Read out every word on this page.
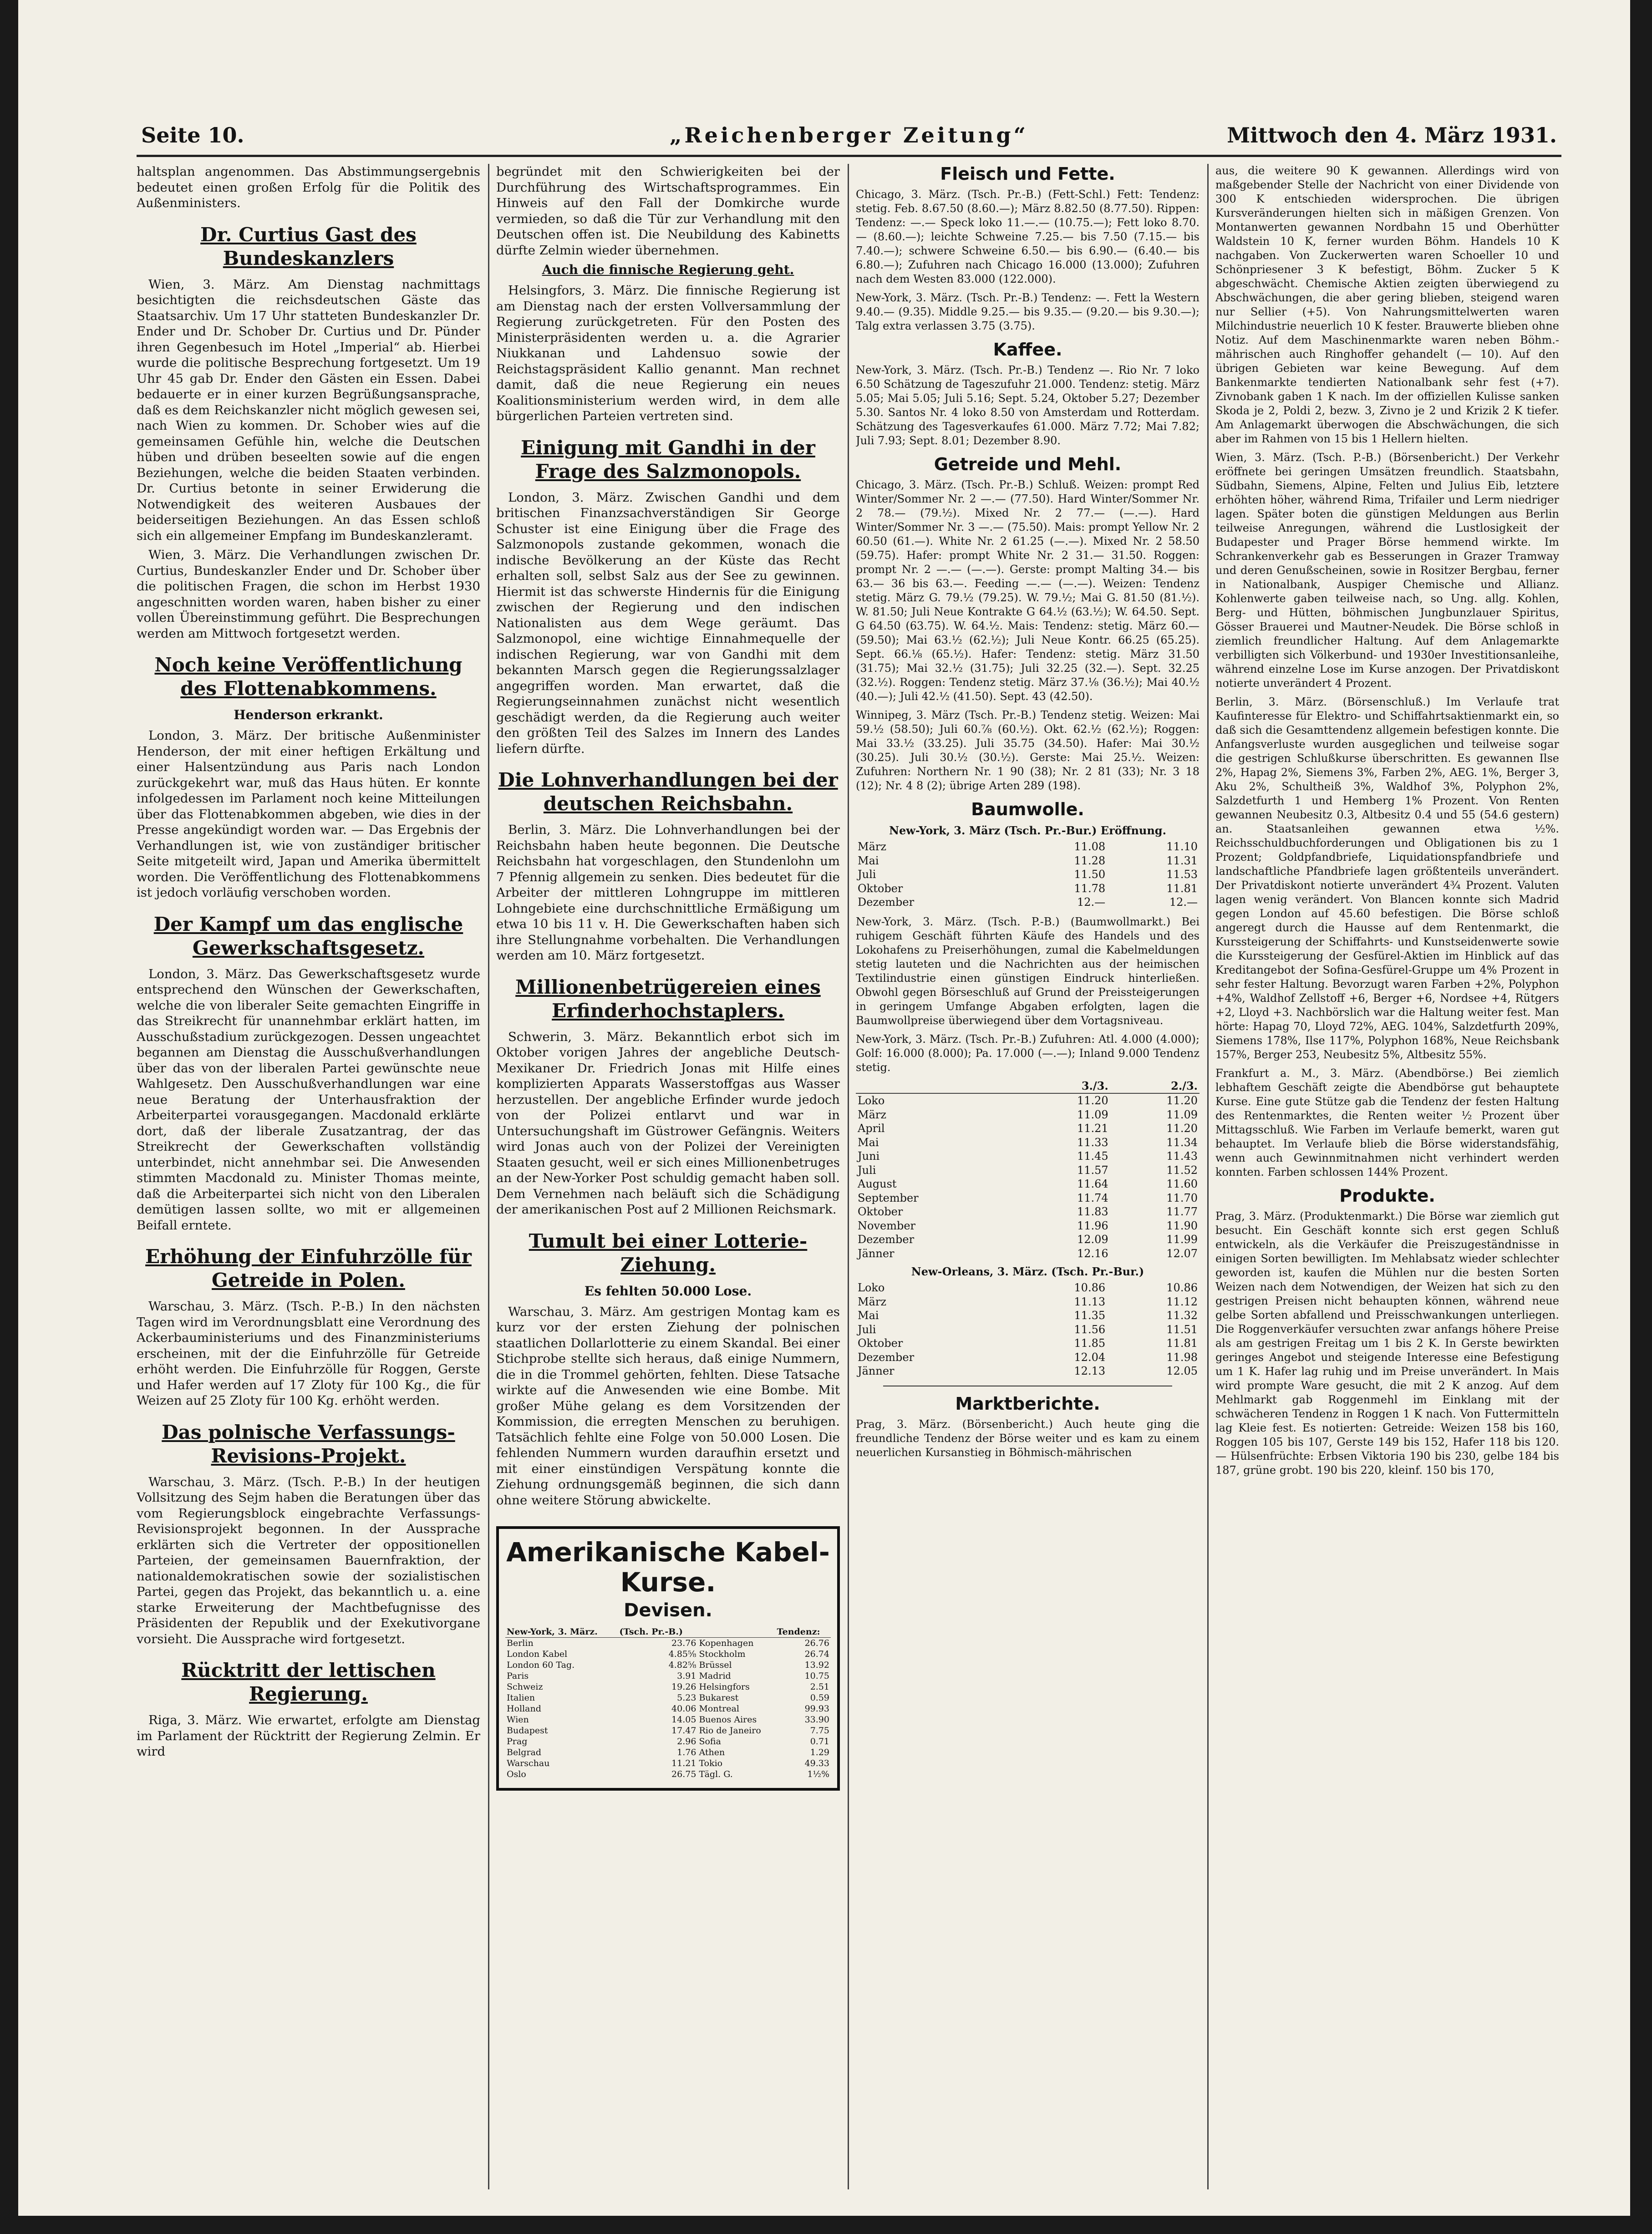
Seite 10.	„Reichenberger Zeitung“	Mittwoch den 4. März 1931.

haltsplan angenommen. Das Abstimmungsergebnis bedeutet einen großen Erfolg für die Politik des Außenministers.

Dr. Curtius Gast des Bundeskanzlers

Wien, 3. März. Am Dienstag nachmittags besichtigten die reichsdeutschen Gäste das Staatsarchiv. Um 17 Uhr statteten Bundeskanzler Dr. Ender und Dr. Schober Dr. Curtius und Dr. Pünder ihren Gegenbesuch im Hotel „Imperial“ ab. Hierbei wurde die politische Besprechung fortgesetzt. Um 19 Uhr 45 gab Dr. Ender den Gästen ein Essen. Dabei bedauerte er in einer kurzen Begrüßungsansprache, daß es dem Reichskanzler nicht möglich gewesen sei, nach Wien zu kommen. Dr. Schober wies auf die gemeinsamen Gefühle hin, welche die Deutschen hüben und drüben beseelten sowie auf die engen Beziehungen, welche die beiden Staaten verbinden. Dr. Curtius betonte in seiner Erwiderung die Notwendigkeit des weiteren Ausbaues der beiderseitigen Beziehungen. An das Essen schloß sich ein allgemeiner Empfang im Bundeskanzleramt.

Wien, 3. März. Die Verhandlungen zwischen Dr. Curtius, Bundeskanzler Ender und Dr. Schober über die politischen Fragen, die schon im Herbst 1930 angeschnitten worden waren, haben bisher zu einer vollen Übereinstimmung geführt. Die Besprechungen werden am Mittwoch fortgesetzt werden.

Noch keine Veröffentlichung des Flottenabkommens.
Henderson erkrankt.

London, 3. März. Der britische Außenminister Henderson, der mit einer heftigen Erkältung und einer Halsentzündung aus Paris nach London zurückgekehrt war, muß das Haus hüten. Er konnte infolgedessen im Parlament noch keine Mitteilungen über das Flottenabkommen abgeben, wie dies in der Presse angekündigt worden war. — Das Ergebnis der Verhandlungen ist, wie von zuständiger britischer Seite mitgeteilt wird, Japan und Amerika übermittelt worden. Die Veröffentlichung des Flottenabkommens ist jedoch vorläufig verschoben worden.

Der Kampf um das englische Gewerkschaftsgesetz.

London, 3. März. Das Gewerkschaftsgesetz wurde entsprechend den Wünschen der Gewerkschaften, welche die von liberaler Seite gemachten Eingriffe in das Streikrecht für unannehmbar erklärt hatten, im Ausschußstadium zurückgezogen. Dessen ungeachtet begannen am Dienstag die Ausschußverhandlungen über das von der liberalen Partei gewünschte neue Wahlgesetz. Den Ausschußverhandlungen war eine neue Beratung der Unterhausfraktion der Arbeiterpartei vorausgegangen. Macdonald erklärte dort, daß der liberale Zusatzantrag, der das Streikrecht der Gewerkschaften vollständig unterbindet, nicht annehmbar sei. Die Anwesenden stimmten Macdonald zu. Minister Thomas meinte, daß die Arbeiterpartei sich nicht von den Liberalen demütigen lassen sollte, wo mit er allgemeinen Beifall erntete.

Erhöhung der Einfuhrzölle für Getreide in Polen.

Warschau, 3. März. (Tsch. P.-B.) In den nächsten Tagen wird im Verordnungsblatt eine Verordnung des Ackerbauministeriums und des Finanzministeriums erscheinen, mit der die Einfuhrzölle für Getreide erhöht werden. Die Einfuhrzölle für Roggen, Gerste und Hafer werden auf 17 Zloty für 100 Kg., die für Weizen auf 25 Zloty für 100 Kg. erhöht werden.

Das polnische Verfassungs-Revisions-Projekt.

Warschau, 3. März. (Tsch. P.-B.) In der heutigen Vollsitzung des Sejm haben die Beratungen über das vom Regierungsblock eingebrachte Verfassungs-Revisionsprojekt begonnen. In der Aussprache erklärten sich die Vertreter der oppositionellen Parteien, der gemeinsamen Bauernfraktion, der nationaldemokratischen sowie der sozialistischen Partei, gegen das Projekt, das bekanntlich u. a. eine starke Erweiterung der Machtbefugnisse des Präsidenten der Republik und der Exekutivorgane vorsieht. Die Aussprache wird fortgesetzt.

Rücktritt der lettischen Regierung.

Riga, 3. März. Wie erwartet, erfolgte am Dienstag im Parlament der Rücktritt der Regierung Zelmin. Er wird

begründet mit den Schwierigkeiten bei der Durchführung des Wirtschaftsprogrammes. Ein Hinweis auf den Fall der Domkirche wurde vermieden, so daß die Tür zur Verhandlung mit den Deutschen offen ist. Die Neubildung des Kabinetts dürfte Zelmin wieder übernehmen.

Auch die finnische Regierung geht.

Helsingfors, 3. März. Die finnische Regierung ist am Dienstag nach der ersten Vollversammlung der Regierung zurückgetreten. Für den Posten des Ministerpräsidenten werden u. a. die Agrarier Niukkanan und Lahdensuo sowie der Reichstagspräsident Kallio genannt. Man rechnet damit, daß die neue Regierung ein neues Koalitionsministerium werden wird, in dem alle bürgerlichen Parteien vertreten sind.

Einigung mit Gandhi in der Frage des Salzmonopols.

London, 3. März. Zwischen Gandhi und dem britischen Finanzsachverständigen Sir George Schuster ist eine Einigung über die Frage des Salzmonopols zustande gekommen, wonach die indische Bevölkerung an der Küste das Recht erhalten soll, selbst Salz aus der See zu gewinnen. Hiermit ist das schwerste Hindernis für die Einigung zwischen der Regierung und den indischen Nationalisten aus dem Wege geräumt. Das Salzmonopol, eine wichtige Einnahmequelle der indischen Regierung, war von Gandhi mit dem bekannten Marsch gegen die Regierungssalzlager angegriffen worden. Man erwartet, daß die Regierungseinnahmen zunächst nicht wesentlich geschädigt werden, da die Regierung auch weiter den größten Teil des Salzes im Innern des Landes liefern dürfte.

Die Lohnverhandlungen bei der deutschen Reichsbahn.

Berlin, 3. März. Die Lohnverhandlungen bei der Reichsbahn haben heute begonnen. Die Deutsche Reichsbahn hat vorgeschlagen, den Stundenlohn um 7 Pfennig allgemein zu senken. Dies bedeutet für die Arbeiter der mittleren Lohngruppe im mittleren Lohngebiete eine durchschnittliche Ermäßigung um etwa 10 bis 11 v. H. Die Gewerkschaften haben sich ihre Stellungnahme vorbehalten. Die Verhandlungen werden am 10. März fortgesetzt.

Millionenbetrügereien eines Erfinderhochstaplers.

Schwerin, 3. März. Bekanntlich erbot sich im Oktober vorigen Jahres der angebliche Deutsch-Mexikaner Dr. Friedrich Jonas mit Hilfe eines komplizierten Apparats Wasserstoffgas aus Wasser herzustellen. Der angebliche Erfinder wurde jedoch von der Polizei entlarvt und war in Untersuchungshaft im Güstrower Gefängnis. Weiters wird Jonas auch von der Polizei der Vereinigten Staaten gesucht, weil er sich eines Millionenbetruges an der New-Yorker Post schuldig gemacht haben soll. Dem Vernehmen nach beläuft sich die Schädigung der amerikanischen Post auf 2 Millionen Reichsmark.

Tumult bei einer Lotterie-Ziehung.
Es fehlten 50.000 Lose.

Warschau, 3. März. Am gestrigen Montag kam es kurz vor der ersten Ziehung der polnischen staatlichen Dollarlotterie zu einem Skandal. Bei einer Stichprobe stellte sich heraus, daß einige Nummern, die in die Trommel gehörten, fehlten. Diese Tatsache wirkte auf die Anwesenden wie eine Bombe. Mit großer Mühe gelang es dem Vorsitzenden der Kommission, die erregten Menschen zu beruhigen. Tatsächlich fehlte eine Folge von 50.000 Losen. Die fehlenden Nummern wurden daraufhin ersetzt und mit einer einstündigen Verspätung konnte die Ziehung ordnungsgemäß beginnen, die sich dann ohne weitere Störung abwickelte.

Amerikanische Kabel-Kurse.
Devisen.
New-York, 3. März.	(Tsch. Pr.-B.)		Tendenz:
Berlin	23.76	Kopenhagen	26.76
London Kabel	4.85⅝	Stockholm	26.74
London 60 Tag.	4.82⅝	Brüssel	13.92
Paris	3.91	Madrid	10.75
Schweiz	19.26	Helsingfors	2.51
Italien	5.23	Bukarest	0.59
Holland	40.06	Montreal	99.93
Wien	14.05	Buenos Aires	33.90
Budapest	17.47	Rio de Janeiro	7.75
Prag	2.96	Sofia	0.71
Belgrad	1.76	Athen	1.29
Warschau	11.21	Tokio	49.33
Oslo	26.75	Tägl. G.	1½%
Fleisch und Fette.

Chicago, 3. März. (Tsch. Pr.-B.) (Fett-Schl.) Fett: Tendenz: stetig. Feb. 8.67.50 (8.60.—); März 8.82.50 (8.77.50). Rippen: Tendenz: —.— Speck loko 11.—.— (10.75.—); Fett loko 8.70.— (8.60.—); leichte Schweine 7.25.— bis 7.50 (7.15.— bis 7.40.—); schwere Schweine 6.50.— bis 6.90.— (6.40.— bis 6.80.—); Zufuhren nach Chicago 16.000 (13.000); Zufuhren nach dem Westen 83.000 (122.000).

New-York, 3. März. (Tsch. Pr.-B.) Tendenz: —. Fett la Western 9.40.— (9.35). Middle 9.25.— bis 9.35.— (9.20.— bis 9.30.—); Talg extra verlassen 3.75 (3.75).

Kaffee.

New-York, 3. März. (Tsch. Pr.-B.) Tendenz —. Rio Nr. 7 loko 6.50 Schätzung de Tageszufuhr 21.000. Tendenz: stetig. März 5.05; Mai 5.05; Juli 5.16; Sept. 5.24, Oktober 5.27; Dezember 5.30. Santos Nr. 4 loko 8.50 von Amsterdam und Rotterdam. Schätzung des Tagesverkaufes 61.000. März 7.72; Mai 7.82; Juli 7.93; Sept. 8.01; Dezember 8.90.

Getreide und Mehl.

Chicago, 3. März. (Tsch. Pr.-B.) Schluß. Weizen: prompt Red Winter/Sommer Nr. 2 —.— (77.50). Hard Winter/Sommer Nr. 2 78.— (79.½). Mixed Nr. 2 77.— (—.—). Hard Winter/Sommer Nr. 3 —.— (75.50). Mais: prompt Yellow Nr. 2 60.50 (61.—). White Nr. 2 61.25 (—.—). Mixed Nr. 2 58.50 (59.75). Hafer: prompt White Nr. 2 31.— 31.50. Roggen: prompt Nr. 2 —.— (—.—). Gerste: prompt Malting 34.— bis 63.— 36 bis 63.—. Feeding —.— (—.—). Weizen: Tendenz stetig. März G. 79.½ (79.25). W. 79.½; Mai G. 81.50 (81.½). W. 81.50; Juli Neue Kontrakte G 64.½ (63.½); W. 64.50. Sept. G 64.50 (63.75). W. 64.½. Mais: Tendenz: stetig. März 60.— (59.50); Mai 63.½ (62.½); Juli Neue Kontr. 66.25 (65.25). Sept. 66.⅛ (65.½). Hafer: Tendenz: stetig. März 31.50 (31.75); Mai 32.½ (31.75); Juli 32.25 (32.—). Sept. 32.25 (32.½). Roggen: Tendenz stetig. März 37.⅛ (36.½); Mai 40.½ (40.—); Juli 42.½ (41.50). Sept. 43 (42.50).

Winnipeg, 3. März (Tsch. Pr.-B.) Tendenz stetig. Weizen: Mai 59.½ (58.50); Juli 60.⅞ (60.½). Okt. 62.½ (62.½); Roggen: Mai 33.½ (33.25). Juli 35.75 (34.50). Hafer: Mai 30.½ (30.25). Juli 30.½ (30.½). Gerste: Mai 25.½. Weizen: Zufuhren: Northern Nr. 1 90 (38); Nr. 2 81 (33); Nr. 3 18 (12); Nr. 4 8 (2); übrige Arten 289 (198).

Baumwolle.
New-York, 3. März (Tsch. Pr.-Bur.) Eröffnung.
März	11.08	11.10
Mai	11.28	11.31
Juli	11.50	11.53
Oktober	11.78	11.81
Dezember	12.—	12.—

New-York, 3. März. (Tsch. P.-B.) (Baumwollmarkt.) Bei ruhigem Geschäft führten Käufe des Handels und des Lokohafens zu Preiserhöhungen, zumal die Kabelmeldungen stetig lauteten und die Nachrichten aus der heimischen Textilindustrie einen günstigen Eindruck hinterließen. Obwohl gegen Börseschluß auf Grund der Preissteigerungen in geringem Umfange Abgaben erfolgten, lagen die Baumwollpreise überwiegend über dem Vortagsniveau.

New-York, 3. März. (Tsch. Pr.-B.) Zufuhren: Atl. 4.000 (4.000); Golf: 16.000 (8.000); Pa. 17.000 (—.—); Inland 9.000 Tendenz stetig.

	3./3.	2./3.
Loko	11.20	11.20
März	11.09	11.09
April	11.21	11.20
Mai	11.33	11.34
Juni	11.45	11.43
Juli	11.57	11.52
August	11.64	11.60
September	11.74	11.70
Oktober	11.83	11.77
November	11.96	11.90
Dezember	12.09	11.99
Jänner	12.16	12.07
New-Orleans, 3. März. (Tsch. Pr.-Bur.)
Loko	10.86	10.86
März	11.13	11.12
Mai	11.35	11.32
Juli	11.56	11.51
Oktober	11.85	11.81
Dezember	12.04	11.98
Jänner	12.13	12.05
Marktberichte.

Prag, 3. März. (Börsenbericht.) Auch heute ging die freundliche Tendenz der Börse weiter und es kam zu einem neuerlichen Kursanstieg in Böhmisch-mährischen

aus, die weitere 90 K gewannen. Allerdings wird von maßgebender Stelle der Nachricht von einer Dividende von 300 K entschieden widersprochen. Die übrigen Kursveränderungen hielten sich in mäßigen Grenzen. Von Montanwerten gewannen Nordbahn 15 und Oberhütter Waldstein 10 K, ferner wurden Böhm. Handels 10 K nachgaben. Von Zuckerwerten waren Schoeller 10 und Schönpriesener 3 K befestigt, Böhm. Zucker 5 K abgeschwächt. Chemische Aktien zeigten überwiegend zu Abschwächungen, die aber gering blieben, steigend waren nur Sellier (+5). Von Nahrungsmittelwerten waren Milchindustrie neuerlich 10 K fester. Brauwerte blieben ohne Notiz. Auf dem Maschinenmarkte waren neben Böhm.-mährischen auch Ringhoffer gehandelt (— 10). Auf den übrigen Gebieten war keine Bewegung. Auf dem Bankenmarkte tendierten Nationalbank sehr fest (+7). Zivnobank gaben 1 K nach. Im der offiziellen Kulisse sanken Skoda je 2, Poldi 2, bezw. 3, Zivno je 2 und Krizik 2 K tiefer. Am Anlagemarkt überwogen die Abschwächungen, die sich aber im Rahmen von 15 bis 1 Hellern hielten.

Wien, 3. März. (Tsch. P.-B.) (Börsenbericht.) Der Verkehr eröffnete bei geringen Umsätzen freundlich. Staatsbahn, Südbahn, Siemens, Alpine, Felten und Julius Eib, letztere erhöhten höher, während Rima, Trifailer und Lerm niedriger lagen. Später boten die günstigen Meldungen aus Berlin teilweise Anregungen, während die Lustlosigkeit der Budapester und Prager Börse hemmend wirkte. Im Schrankenverkehr gab es Besserungen in Grazer Tramway und deren Genußscheinen, sowie in Rositzer Bergbau, ferner in Nationalbank, Auspiger Chemische und Allianz. Kohlenwerte gaben teilweise nach, so Ung. allg. Kohlen, Berg- und Hütten, böhmischen Jungbunzlauer Spiritus, Gösser Brauerei und Mautner-Neudek. Die Börse schloß in ziemlich freundlicher Haltung. Auf dem Anlagemarkte verbilligten sich Völkerbund- und 1930er Investitionsanleihe, während einzelne Lose im Kurse anzogen. Der Privatdiskont notierte unverändert 4 Prozent.

Berlin, 3. März. (Börsenschluß.) Im Verlaufe trat Kaufinteresse für Elektro- und Schiffahrtsaktienmarkt ein, so daß sich die Gesamttendenz allgemein befestigen konnte. Die Anfangsverluste wurden ausgeglichen und teilweise sogar die gestrigen Schlußkurse überschritten. Es gewannen Ilse 2%, Hapag 2%, Siemens 3%, Farben 2%, AEG. 1%, Berger 3, Aku 2%, Schultheiß 3%, Waldhof 3%, Polyphon 2%, Salzdetfurth 1 und Hemberg 1% Prozent. Von Renten gewannen Neubesitz 0.3, Altbesitz 0.4 und 55 (54.6 gestern) an. Staatsanleihen gewannen etwa ½%. Reichsschuldbuchforderungen und Obligationen bis zu 1 Prozent; Goldpfandbriefe, Liquidationspfandbriefe und landschaftliche Pfandbriefe lagen größtenteils unverändert. Der Privatdiskont notierte unverändert 4¾ Prozent. Valuten lagen wenig verändert. Von Blancen konnte sich Madrid gegen London auf 45.60 befestigen. Die Börse schloß angeregt durch die Hausse auf dem Rentenmarkt, die Kurssteigerung der Schiffahrts- und Kunstseidenwerte sowie die Kurssteigerung der Gesfürel-Aktien im Hinblick auf das Kreditangebot der Sofina-Gesfürel-Gruppe um 4% Prozent in sehr fester Haltung. Bevorzugt waren Farben +2%, Polyphon +4%, Waldhof Zellstoff +6, Berger +6, Nordsee +4, Rütgers +2, Lloyd +3. Nachbörslich war die Haltung weiter fest. Man hörte: Hapag 70, Lloyd 72%, AEG. 104%, Salzdetfurth 209%, Siemens 178%, Ilse 117%, Polyphon 168%, Neue Reichsbank 157%, Berger 253, Neubesitz 5%, Altbesitz 55%.

Frankfurt a. M., 3. März. (Abendbörse.) Bei ziemlich lebhaftem Geschäft zeigte die Abendbörse gut behauptete Kurse. Eine gute Stütze gab die Tendenz der festen Haltung des Rentenmarktes, die Renten weiter ½ Prozent über Mittagsschluß. Wie Farben im Verlaufe bemerkt, waren gut behauptet. Im Verlaufe blieb die Börse widerstandsfähig, wenn auch Gewinnmitnahmen nicht verhindert werden konnten. Farben schlossen 144% Prozent.

Produkte.

Prag, 3. März. (Produktenmarkt.) Die Börse war ziemlich gut besucht. Ein Geschäft konnte sich erst gegen Schluß entwickeln, als die Verkäufer die Preiszugeständnisse in einigen Sorten bewilligten. Im Mehlabsatz wieder schlechter geworden ist, kaufen die Mühlen nur die besten Sorten Weizen nach dem Notwendigen, der Weizen hat sich zu den gestrigen Preisen nicht behaupten können, während neue gelbe Sorten abfallend und Preisschwankungen unterliegen. Die Roggenverkäufer versuchten zwar anfangs höhere Preise als am gestrigen Freitag um 1 bis 2 K. In Gerste bewirkten geringes Angebot und steigende Interesse eine Befestigung um 1 K. Hafer lag ruhig und im Preise unverändert. In Mais wird prompte Ware gesucht, die mit 2 K anzog. Auf dem Mehlmarkt gab Roggenmehl im Einklang mit der schwächeren Tendenz in Roggen 1 K nach. Von Futtermitteln lag Kleie fest. Es notierten: Getreide: Weizen 158 bis 160, Roggen 105 bis 107, Gerste 149 bis 152, Hafer 118 bis 120. — Hülsenfrüchte: Erbsen Viktoria 190 bis 230, gelbe 184 bis 187, grüne grobt. 190 bis 220, kleinf. 150 bis 170,
